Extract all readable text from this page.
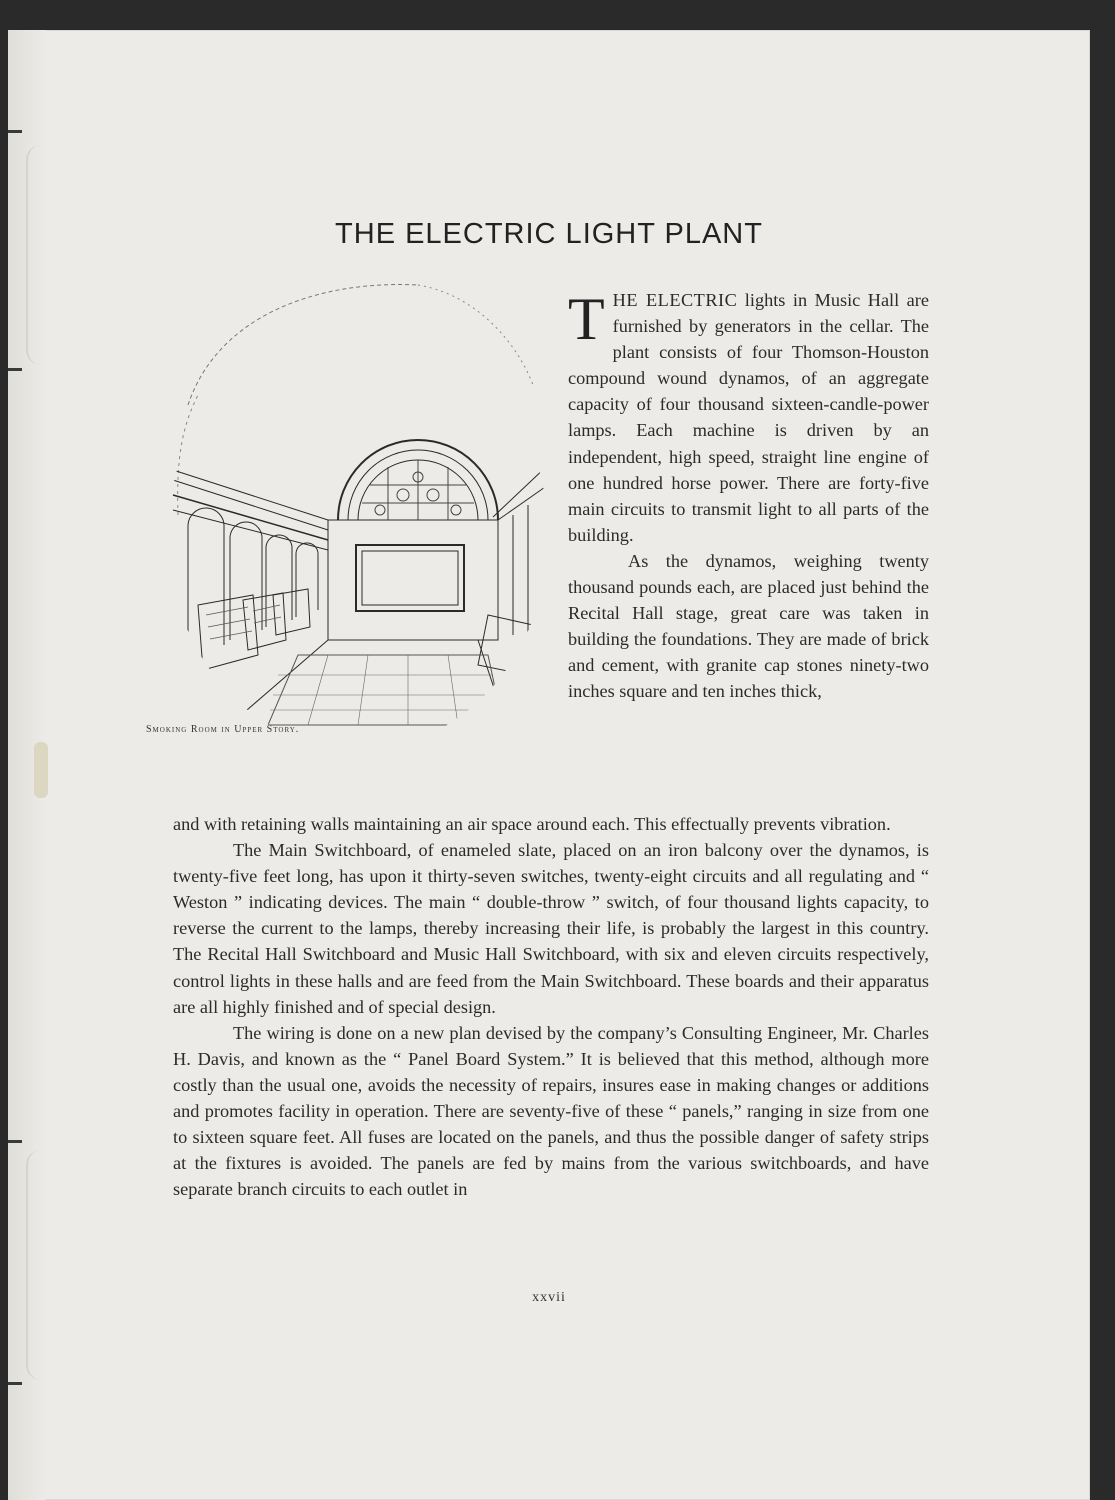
THE ELECTRIC LIGHT PLANT
Smoking Room in Upper Story.

THE ELECTRIC lights in Music Hall are furnished by generators in the cellar. The plant consists of four Thomson-Houston compound wound dynamos, of an aggregate capacity of four thousand sixteen-candle-power lamps. Each machine is driven by an independent, high speed, straight line engine of one hundred horse power. There are forty-five main circuits to transmit light to all parts of the building.

As the dynamos, weighing twenty thousand pounds each, are placed just behind the Recital Hall stage, great care was taken in building the foundations. They are made of brick and cement, with granite cap stones ninety-two inches square and ten inches thick,

and with retaining walls maintaining an air space around each. This effectually prevents vibration.

The Main Switchboard, of enameled slate, placed on an iron balcony over the dynamos, is twenty-five feet long, has upon it thirty-seven switches, twenty-eight circuits and all regulating and “ Weston ” indicating devices. The main “ double-throw ” switch, of four thousand lights capacity, to reverse the current to the lamps, thereby increasing their life, is probably the largest in this country. The Recital Hall Switchboard and Music Hall Switchboard, with six and eleven circuits respectively, control lights in these halls and are feed from the Main Switchboard. These boards and their apparatus are all highly finished and of special design.

The wiring is done on a new plan devised by the company’s Consulting Engineer, Mr. Charles H. Davis, and known as the “ Panel Board System.” It is believed that this method, although more costly than the usual one, avoids the necessity of repairs, insures ease in making changes or additions and promotes facility in operation. There are seventy-five of these “ panels,” ranging in size from one to sixteen square feet. All fuses are located on the panels, and thus the possible danger of safety strips at the fixtures is avoided. The panels are fed by mains from the various switchboards, and have separate branch circuits to each outlet in

xxvii
